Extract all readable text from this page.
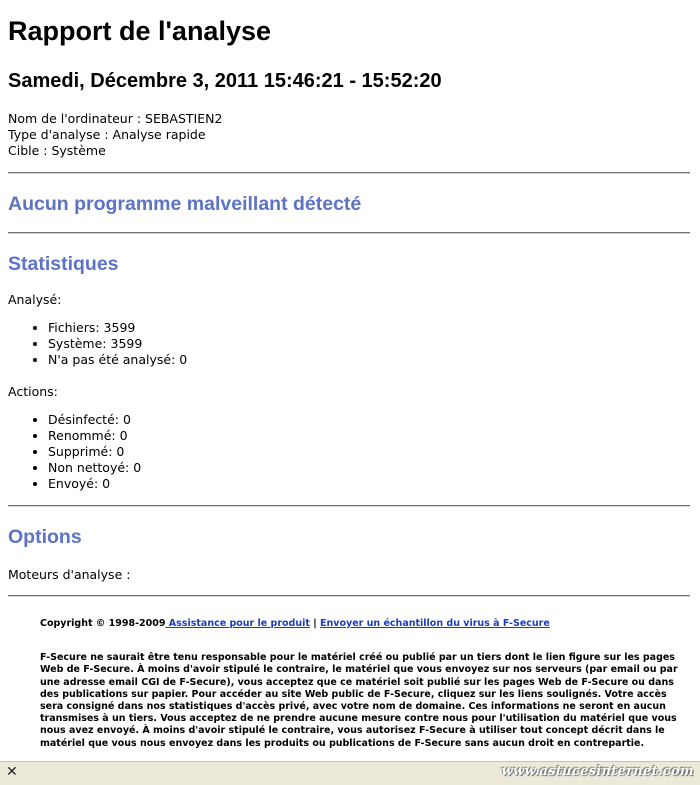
Rapport de l'analyse
Samedi, Décembre 3, 2011 15:46:21 - 15:52:20
Nom de l'ordinateur : SEBASTIEN2
Type d'analyse : Analyse rapide
Cible : Système
Aucun programme malveillant détecté
Statistiques
Analysé:
• Fichiers: 3599
• Système: 3599
• N'a pas été analysé: 0
Actions:
• Désinfecté: 0
• Renommé: 0
• Supprimé: 0
• Non nettoyé: 0
• Envoyé: 0
Options
Moteurs d'analyse :
Copyright © 1998-2009 Assistance pour le produit | Envoyer un échantillon du virus à F-Secure

F-Secure ne saurait être tenu responsable pour le matériel créé ou publié par un tiers dont le lien figure sur les pages Web de F-Secure. À moins d'avoir stipulé le contraire, le matériel que vous envoyez sur nos serveurs (par email ou par une adresse email CGI de F-Secure), vous acceptez que ce matériel soit publié sur les pages Web de F-Secure ou dans des publications sur papier. Pour accéder au site Web public de F-Secure, cliquez sur les liens soulignés. Votre accès sera consigné dans nos statistiques d'accès privé, avec votre nom de domaine. Ces informations ne seront en aucun transmises à un tiers. Vous acceptez de ne prendre aucune mesure contre nous pour l'utilisation du matériel que vous nous avez envoyé. À moins d'avoir stipulé le contraire, vous autorisez F-Secure à utiliser tout concept décrit dans le matériel que vous nous envoyez dans les produits ou publications de F-Secure sans aucun droit en contrepartie.

✕	www.astucesinternet.com
